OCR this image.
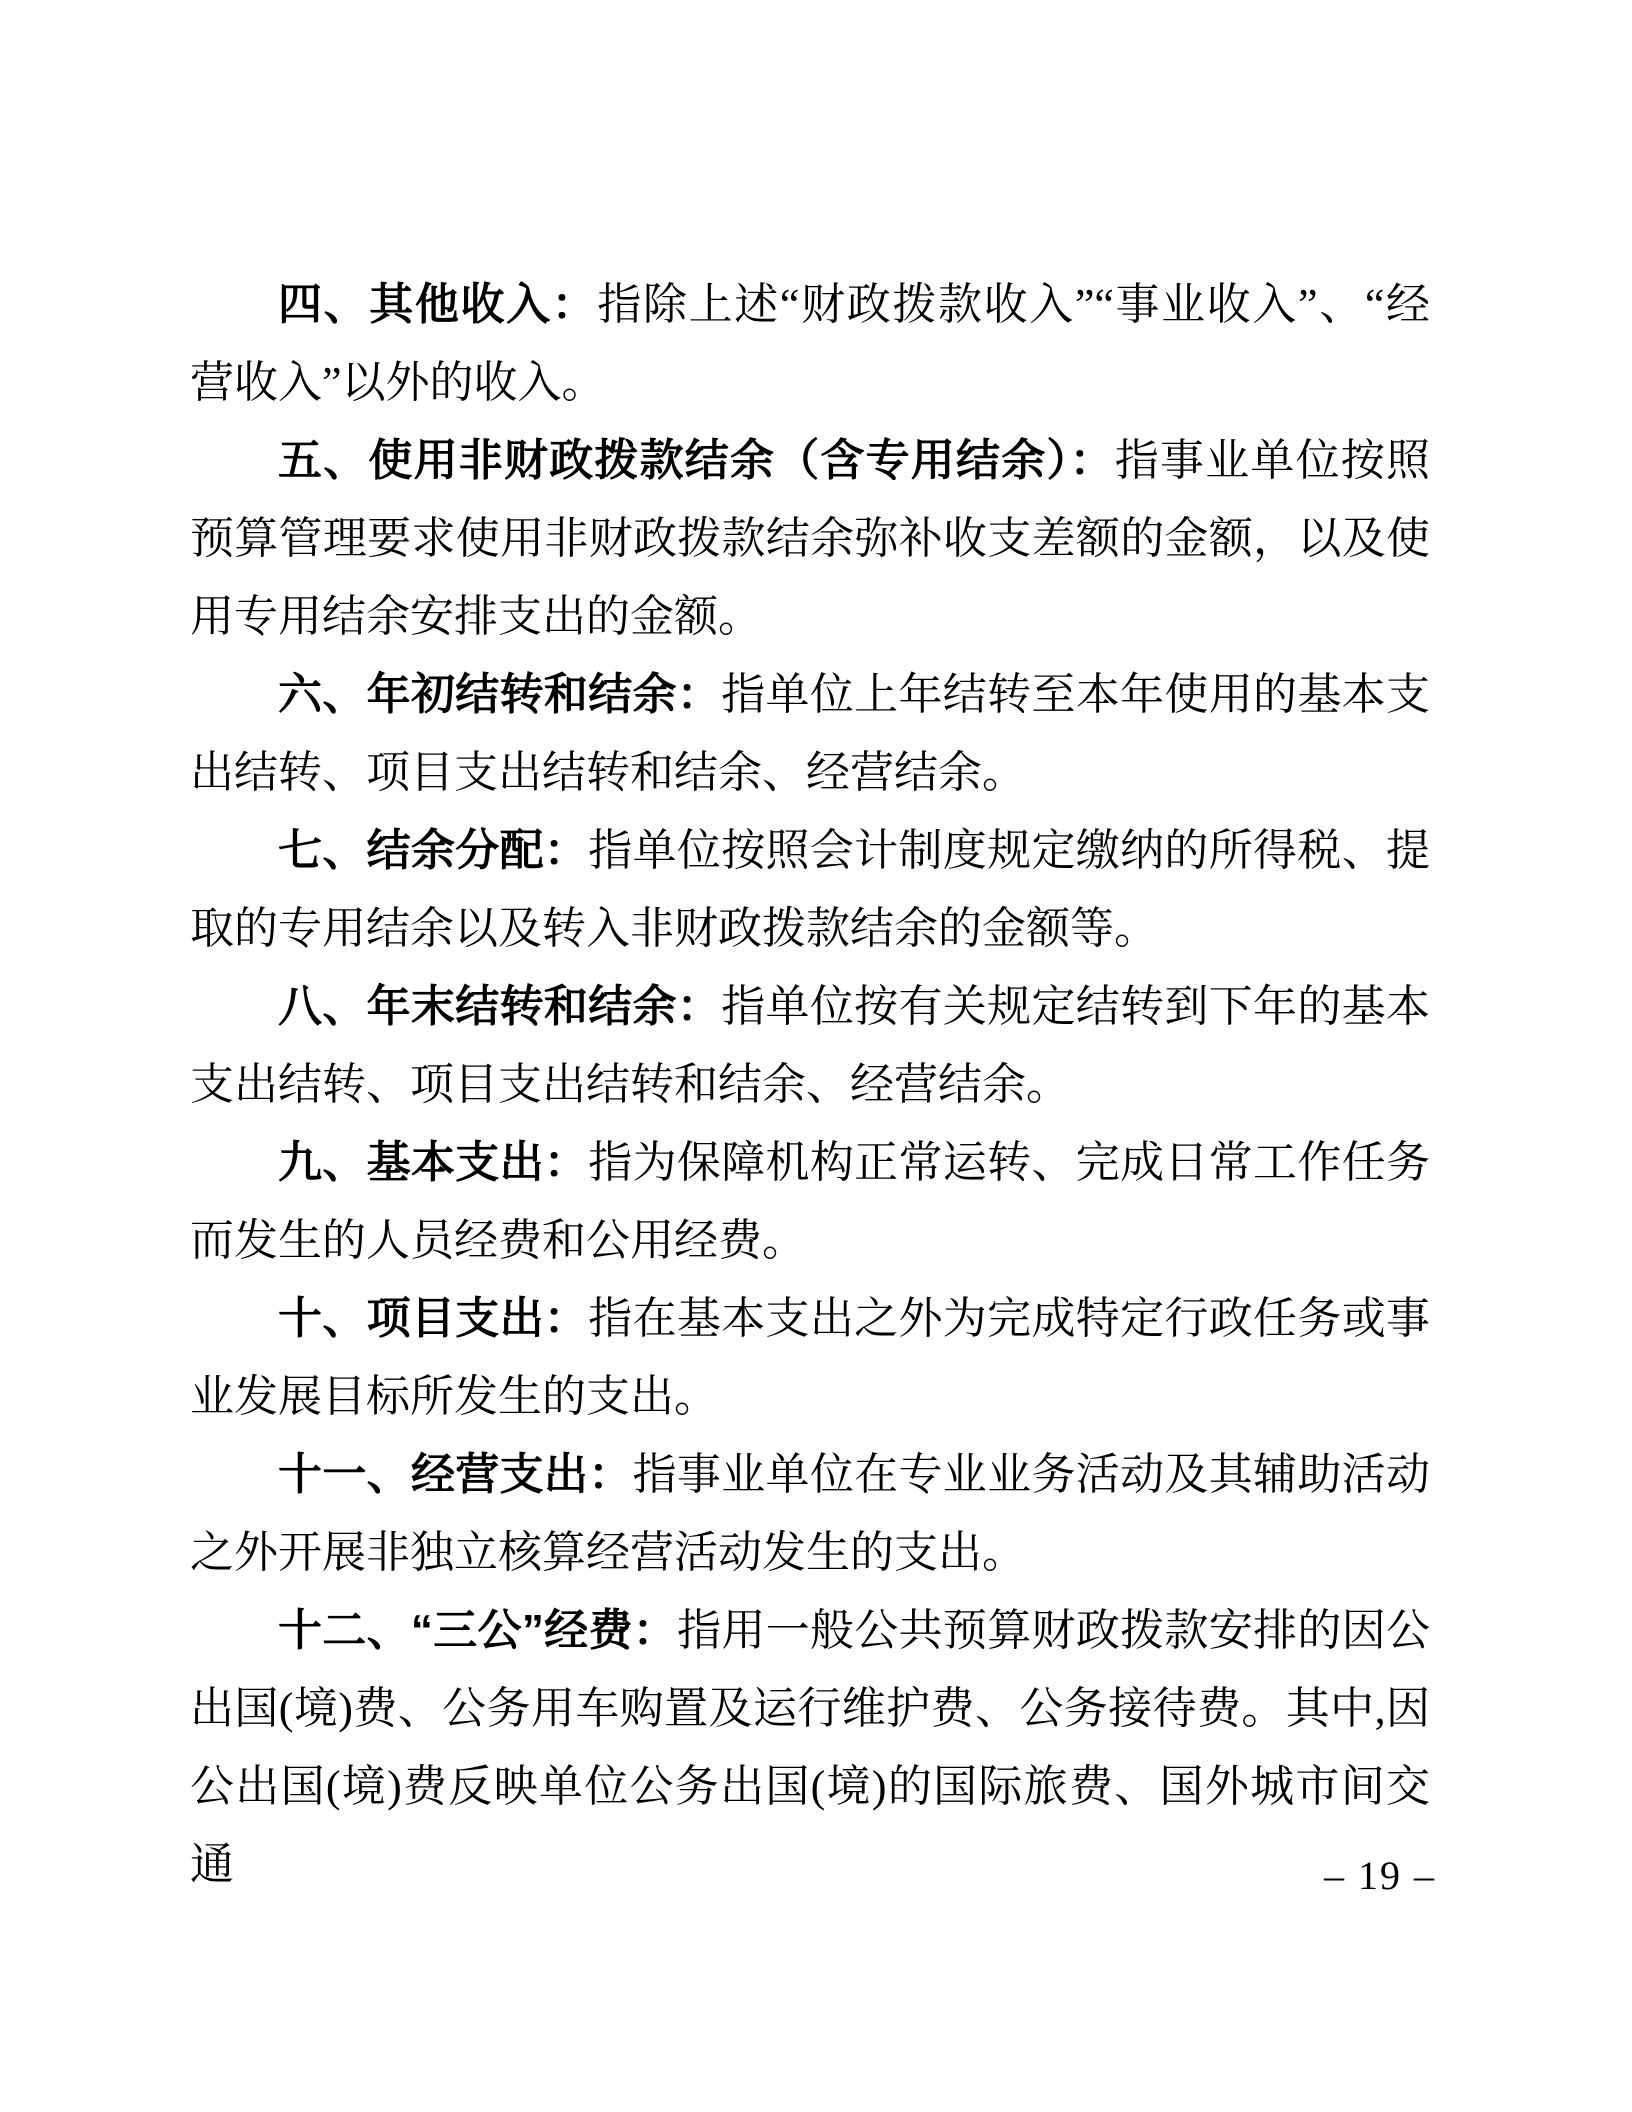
四、其他收入：指除上述“财政拨款收入”“事业收入”、“经营收入”以外的收入。

五、使用非财政拨款结余（含专用结余）：指事业单位按照预算管理要求使用非财政拨款结余弥补收支差额的金额，以及使用专用结余安排支出的金额。

六、年初结转和结余：指单位上年结转至本年使用的基本支出结转、项目支出结转和结余、经营结余。

七、结余分配：指单位按照会计制度规定缴纳的所得税、提取的专用结余以及转入非财政拨款结余的金额等。

八、年末结转和结余：指单位按有关规定结转到下年的基本支出结转、项目支出结转和结余、经营结余。

九、基本支出：指为保障机构正常运转、完成日常工作任务而发生的人员经费和公用经费。

十、项目支出：指在基本支出之外为完成特定行政任务或事业发展目标所发生的支出。

十一、经营支出：指事业单位在专业业务活动及其辅助活动之外开展非独立核算经营活动发生的支出。

十二、“三公”经费：指用一般公共预算财政拨款安排的因公出国(境)费、公务用车购置及运行维护费、公务接待费。其中,因公出国(境)费反映单位公务出国(境)的国际旅费、国外城市间交通	– 19 –
